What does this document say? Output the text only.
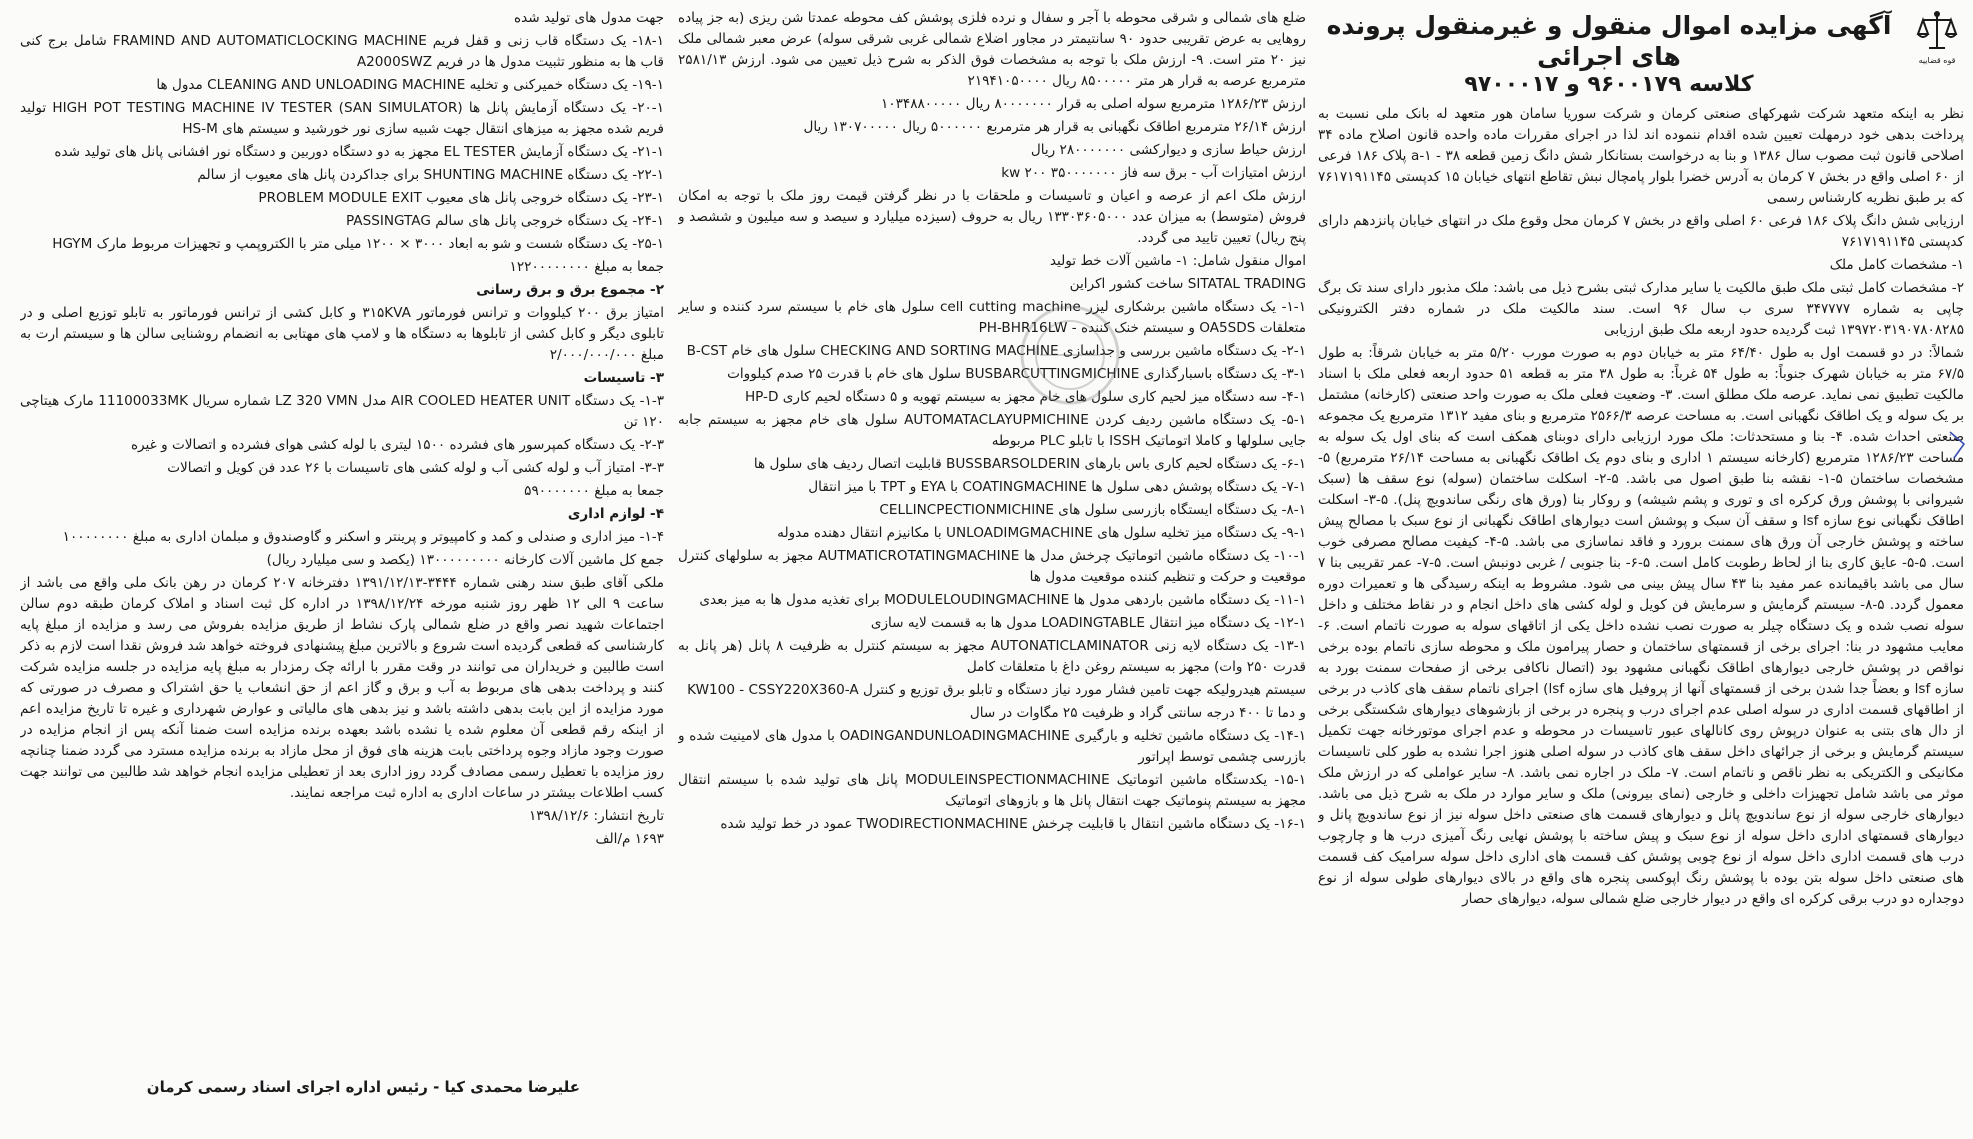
قوه قضاییه
آگهی مزایده اموال منقول و غیرمنقول پرونده های اجرائی
کلاسه ۹۶۰۰۱۷۹ و ۹۷۰۰۰۱۷

نظر به اینکه متعهد شرکت شهرکهای صنعتی کرمان و شرکت سوریا سامان هور متعهد له بانک ملی نسبت به پرداخت بدهی خود درمهلت تعیین شده اقدام ننموده اند لذا در اجرای مقررات ماده واحده قانون اصلاح ماده ۳۴ اصلاحی قانون ثبت مصوب سال ۱۳۸۶ و بنا به درخواست بستانکار شش دانگ زمین قطعه ۳۸ - a-۱ پلاک ۱۸۶ فرعی از ۶۰ اصلی واقع در بخش ۷ کرمان به آدرس خضرا بلوار پامچال نبش تقاطع انتهای خیابان ۱۵ کدپستی ۷۶۱۷۱۹۱۱۴۵ که بر طبق نظریه کارشناس رسمی

ارزیابی شش دانگ پلاک ۱۸۶ فرعی ۶۰ اصلی واقع در بخش ۷ کرمان محل وقوع ملک در انتهای خیابان پانزدهم دارای کدپستی ۷۶۱۷۱۹۱۱۴۵

۱- مشخصات کامل ملک

۲- مشخصات کامل ثبتی ملک طبق مالکیت یا سایر مدارک ثبتی بشرح ذیل می باشد: ملک مذبور دارای سند تک برگ چاپی به شماره ۳۴۷۷۷۷ سری ب سال ۹۶ است. سند مالکیت ملک در شماره دفتر الکترونیکی ۱۳۹۷۲۰۳۱۹۰۷۸۰۸۲۸۵ ثبت گردیده حدود اربعه ملک طبق ارزیابی

شمالاً: در دو قسمت اول به طول ۶۴/۴۰ متر به خیابان دوم به صورت مورب ۵/۲۰ متر به خیابان شرقاً: به طول ۶۷/۵ متر به خیابان شهرک جنوباً: به طول ۵۴ غرباً: به طول ۳۸ متر به قطعه ۵۱ حدود اربعه فعلی ملک با اسناد مالکیت تطبیق نمی نماید. عرصه ملک مطلق است. ۳- وضعیت فعلی ملک به صورت واحد صنعتی (کارخانه) مشتمل بر یک سوله و یک اطاقک نگهبانی است. به مساحت عرصه ۲۵۶۶/۳ مترمربع و بنای مفید ۱۳۱۲ مترمربع یک مجموعه صنعتی احداث شده. ۴- بنا و مستحدثات: ملک مورد ارزیابی دارای دوبنای همکف است که بنای اول یک سوله به مساحت ۱۲۸۶/۲۳ مترمربع (کارخانه سیستم ۱ اداری و بنای دوم یک اطاقک نگهبانی به مساحت ۲۶/۱۴ مترمربع) ۵- مشخصات ساختمان ۵-۱- نقشه بنا طبق اصول می باشد. ۵-۲- اسکلت ساختمان (سوله) نوع سقف ها (سبک شیروانی با پوشش ورق کرکره ای و توری و پشم شیشه) و روکار بنا (ورق های رنگی ساندویچ پنل). ۵-۳- اسکلت اطاقک نگهبانی نوع سازه lsf و سقف آن سبک و پوشش است دیوارهای اطاقک نگهبانی از نوع سبک با مصالح پیش ساخته و پوشش خارجی آن ورق های سمنت برورد و فاقد نماسازی می باشد. ۵-۴- کیفیت مصالح مصرفی خوب است. ۵-۵- عایق کاری بنا از لحاظ رطوبت کامل است. ۵-۶- بنا جنوبی / غربی دونبش است. ۵-۷- عمر تقریبی بنا ۷ سال می باشد باقیمانده عمر مفید بنا ۴۳ سال پیش بینی می شود. مشروط به اینکه رسیدگی ها و تعمیرات دوره معمول گردد. ۵-۸- سیستم گرمایش و سرمایش فن کویل و لوله کشی های داخل انجام و در نقاط مختلف و داخل سوله نصب شده و یک دستگاه چیلر به صورت نصب نشده داخل یکی از اتاقهای سوله به صورت ناتمام است. ۶- معایب مشهود در بنا: اجرای برخی از قسمتهای ساختمان و حصار پیرامون ملک و محوطه سازی ناتمام بوده برخی نواقص در پوشش خارجی دیوارهای اطاقک نگهبانی مشهود بود (اتصال ناکافی برخی از صفحات سمنت بورد به سازه lsf و بعضاً جدا شدن برخی از قسمتهای آنها از پروفیل های سازه lsf) اجرای ناتمام سقف های کاذب در برخی از اطاقهای قسمت اداری در سوله اصلی عدم اجرای درب و پنجره در برخی از بازشوهای دیوارهای شکستگی برخی از دال های بتنی به عنوان درپوش روی کانالهای عبور تاسیسات در محوطه و عدم اجرای موتورخانه جهت تکمیل سیستم گرمایش و برخی از جرائهای داخل سقف های کاذب در سوله اصلی هنوز اجرا نشده به طور کلی تاسیسات مکانیکی و الکتریکی به نظر ناقص و ناتمام است. ۷- ملک در اجاره نمی باشد. ۸- سایر عواملی که در ارزش ملک موثر می باشد شامل تجهیزات داخلی و خارجی (نمای بیرونی) ملک و سایر موارد در ملک به شرح ذیل می باشد. دیوارهای خارجی سوله از نوع ساندویچ پانل و دیوارهای قسمت های صنعتی داخل سوله نیز از نوع ساندویچ پانل و دیوارهای قسمتهای اداری داخل سوله از نوع سبک و پیش ساخته با پوشش نهایی رنگ آمیزی درب ها و چارچوب درب های قسمت اداری داخل سوله از نوع چوبی پوشش کف قسمت های اداری داخل سوله سرامیک کف قسمت های صنعتی داخل سوله بتن بوده با پوشش رنگ اپوکسی پنجره های واقع در بالای دیوارهای طولی سوله از نوع دوجداره دو درب برقی کرکره ای واقع در دیوار خارجی ضلع شمالی سوله، دیوارهای حصار

ضلع های شمالی و شرقی محوطه با آجر و سفال و نرده فلزی پوشش کف محوطه عمدتا شن ریزی (به جز پیاده روهایی به عرض تقریبی حدود ۹۰ سانتیمتر در مجاور اضلاع شمالی غربی شرقی سوله) عرض معبر شمالی ملک نیز ۲۰ متر است. ۹- ارزش ملک با توجه به مشخصات فوق الذکر به شرح ذیل تعیین می شود. ارزش ۲۵۸۱/۱۳ مترمربع عرصه به قرار هر متر ۸۵۰۰۰۰۰ ریال ۲۱۹۴۱۰۵۰۰۰۰

ارزش ۱۲۸۶/۲۳ مترمربع سوله اصلی به قرار ۸۰۰۰۰۰۰۰ ریال ۱۰۳۴۸۸۰۰۰۰۰

ارزش ۲۶/۱۴ مترمربع اطاقک نگهبانی به قرار هر مترمربع ۵۰۰۰۰۰۰ ریال ۱۳۰۷۰۰۰۰۰ ریال

ارزش حیاط سازی و دیوارکشی ۲۸۰۰۰۰۰۰۰ ریال

ارزش امتیازات آب - برق سه فاز ۳۵۰۰۰۰۰۰۰ kw ۲۰۰

ارزش ملک اعم از عرصه و اعیان و تاسیسات و ملحقات با در نظر گرفتن قیمت روز ملک با توجه به امکان فروش (متوسط) به میزان عدد ۱۳۳۰۳۶۰۵۰۰۰ ریال به حروف (سیزده میلیارد و سیصد و سه میلیون و ششصد و پنج ریال) تعیین تایید می گردد.

اموال منقول شامل: ۱- ماشین آلات خط تولید

SITATAL TRADING ساخت کشور اکراین

۱-۱- یک دستگاه ماشین برشکاری لیزر cell cutting machine سلول های خام با سیستم سرد کننده و سایر متعلقات OA5SDS و سیستم خنک کننده - PH-BHR16LW

۲-۱- یک دستگاه ماشین بررسی و جداسازی CHECKING AND SORTING MACHINE سلول های خام B-CST

۳-۱- یک دستگاه باسبارگذاری BUSBARCUTTINGMICHINE سلول های خام با قدرت ۲۵ صدم کیلووات

۴-۱- سه دستگاه میز لحیم کاری سلول های خام مجهز به سیستم تهویه و ۵ دستگاه لحیم کاری HP-D

۵-۱- یک دستگاه ماشین ردیف کردن AUTOMATACLAYUPMICHINE سلول های خام مجهز به سیستم جابه جایی سلولها و کاملا اتوماتیک ISSH با تابلو PLC مربوطه

۶-۱- یک دستگاه لحیم کاری باس بارهای BUSSBARSOLDERIN قابلیت اتصال ردیف های سلول ها

۷-۱- یک دستگاه پوشش دهی سلول ها COATINGMACHINE با EYA و TPT با میز انتقال

۸-۱- یک دستگاه ایستگاه بازرسی سلول های CELLINCPECTIONMICHINE

۹-۱- یک دستگاه میز تخلیه سلول های UNLOADIMGMACHINE با مکانیزم انتقال دهنده مدوله

۱۰-۱- یک دستگاه ماشین اتوماتیک چرخش مدل ها AUTMATICROTATINGMACHINE مجهز به سلولهای کنترل موقعیت و حرکت و تنظیم کننده موقعیت مدول ها

۱۱-۱- یک دستگاه ماشین باردهی مدول ها MODULELOUDINGMACHINE برای تغذیه مدول ها به میز بعدی

۱۲-۱- یک دستگاه میز انتقال LOADINGTABLE مدول ها به قسمت لایه سازی

۱۳-۱- یک دستگاه لایه زنی AUTONATICLAMINATOR مجهز به سیستم کنترل به ظرفیت ۸ پانل (هر پانل به قدرت ۲۵۰ وات) مجهز به سیستم روغن داغ با متعلقات کامل

سیستم هیدرولیکه جهت تامین فشار مورد نیاز دستگاه و تابلو برق توزیع و کنترل KW100 - CSSY220X360-A

و دما تا ۴۰۰ درجه سانتی گراد و ظرفیت ۲۵ مگاوات در سال

۱۴-۱- یک دستگاه ماشین تخلیه و بارگیری OADINGANDUNLOADINGMACHINE با مدول های لامینیت شده و بازرسی چشمی توسط اپراتور

۱۵-۱- یکدستگاه ماشین اتوماتیک MODULEINSPECTIONMACHINE پانل های تولید شده با سیستم انتقال مجهز به سیستم پنوماتیک جهت انتقال پانل ها و بازوهای اتوماتیک

۱۶-۱- یک دستگاه ماشین انتقال با قابلیت چرخش TWODIRECTIONMACHINE عمود در خط تولید شده

جهت مدول های تولید شده

۱۸-۱- یک دستگاه قاب زنی و قفل فریم FRAMIND AND AUTOMATICLOCKING MACHINE شامل برج کنی قاب ها به منظور تثبیت مدول ها در فریم A2000SWZ

۱۹-۱- یک دستگاه خمیرکنی و تخلیه CLEANING AND UNLOADING MACHINE مدول ها

۲۰-۱- یک دستگاه آزمایش پانل ها HIGH POT TESTING MACHINE IV TESTER (SAN SIMULATOR) تولید فریم شده مجهز به میزهای انتقال جهت شبیه سازی نور خورشید و سیستم های HS-M

۲۱-۱- یک دستگاه آزمایش EL TESTER مجهز به دو دستگاه دوربین و دستگاه نور افشانی پانل های تولید شده

۲۲-۱- یک دستگاه SHUNTING MACHINE برای جداکردن پانل های معیوب از سالم

۲۳-۱- یک دستگاه خروجی پانل های معیوب PROBLEM MODULE EXIT

۲۴-۱- یک دستگاه خروجی پانل های سالم PASSINGTAG

۲۵-۱- یک دستگاه شست و شو به ابعاد ۳۰۰۰ × ۱۲۰۰ میلی متر با الکتروپمپ و تجهیزات مربوط مارک HGYM

جمعا به مبلغ ۱۲۲۰۰۰۰۰۰۰۰

۲- مجموع برق و برق رسانی

امتیاز برق ۲۰۰ کیلووات و ترانس فورماتور ۳۱۵KVA و کابل کشی از ترانس فورماتور به تابلو توزیع اصلی و در تابلوی دیگر و کابل کشی از تابلوها به دستگاه ها و لامپ های مهتابی به انضمام روشنایی سالن ها و سیستم ارت به مبلغ ۲/۰۰۰/۰۰۰/۰۰۰

۳- تاسیسات

۱-۳- یک دستگاه AIR COOLED HEATER UNIT مدل LZ 320 VMN شماره سریال 11100033MK مارک هیتاچی ۱۲۰ تن

۲-۳- یک دستگاه کمپرسور های فشرده ۱۵۰۰ لیتری با لوله کشی هوای فشرده و اتصالات و غیره

۳-۳- امتیاز آب و لوله کشی آب و لوله کشی های تاسیسات با ۲۶ عدد فن کویل و اتصالات

جمعا به مبلغ ۵۹۰۰۰۰۰۰۰

۴- لوازم اداری

۱-۴- میز اداری و صندلی و کمد و کامپیوتر و پرینتر و اسکنر و گاوصندوق و مبلمان اداری به مبلغ ۱۰۰۰۰۰۰۰۰

جمع کل ماشین آلات کارخانه ۱۳۰۰۰۰۰۰۰۰۰ (یکصد و سی میلیارد ریال)

ملکی آقای طبق سند رهنی شماره ۳۴۴۴-۱۳۹۱/۱۲/۱۳ دفترخانه ۲۰۷ کرمان در رهن بانک ملی واقع می باشد از ساعت ۹ الی ۱۲ ظهر روز شنبه مورخه ۱۳۹۸/۱۲/۲۴ در اداره کل ثبت اسناد و املاک کرمان طبقه دوم سالن اجتماعات شهید نصر واقع در ضلع شمالی پارک نشاط از طریق مزایده بفروش می رسد و مزایده از مبلغ پایه کارشناسی که قطعی گردیده است شروع و بالاترین مبلغ پیشنهادی فروخته خواهد شد فروش نقدا است لازم به ذکر است طالبین و خریداران می توانند در وقت مقرر با ارائه چک رمزدار به مبلغ پایه مزایده در جلسه مزایده شرکت کنند و پرداخت بدهی های مربوط به آب و برق و گاز اعم از حق انشعاب یا حق اشتراک و مصرف در صورتی که مورد مزایده از این بابت بدهی داشته باشد و نیز بدهی های مالیاتی و عوارض شهرداری و غیره تا تاریخ مزایده اعم از اینکه رقم قطعی آن معلوم شده یا نشده باشد بعهده برنده مزایده است ضمنا آنکه پس از انجام مزایده در صورت وجود مازاد وجوه پرداختی بابت هزینه های فوق از محل مازاد به برنده مزایده مسترد می گردد ضمنا چنانچه روز مزایده با تعطیل رسمی مصادف گردد روز اداری بعد از تعطیلی مزایده انجام خواهد شد طالبین می توانند جهت کسب اطلاعات بیشتر در ساعات اداری به اداره ثبت مراجعه نمایند.

تاریخ انتشار: ۱۳۹۸/۱۲/۶

۱۶۹۳ م/الف

علیرضا محمدی کیا - رئیس اداره اجرای اسناد رسمی کرمان
